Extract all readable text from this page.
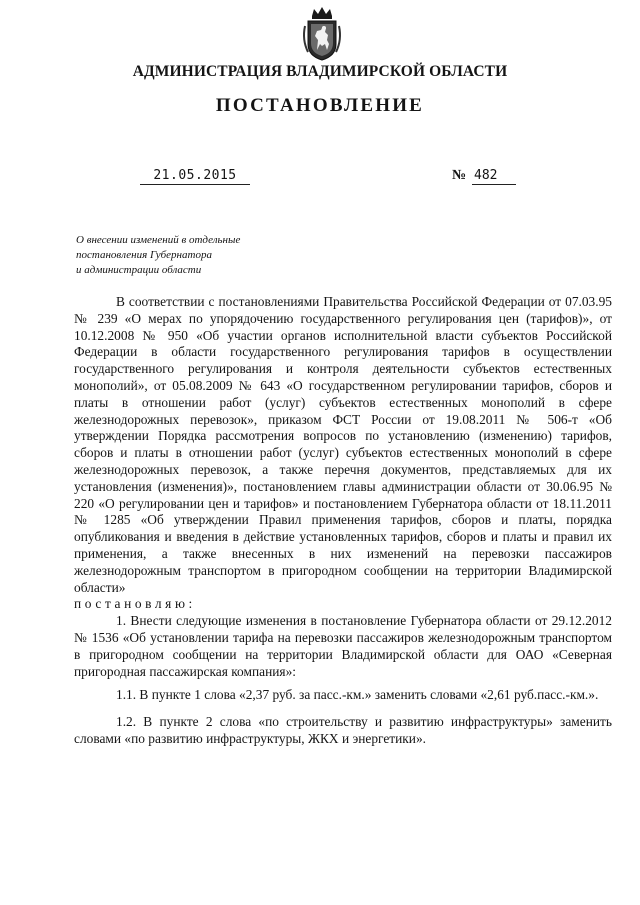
АДМИНИСТРАЦИЯ ВЛАДИМИРСКОЙ ОБЛАСТИ
ПОСТАНОВЛЕНИЕ
21.05.2015	№ 482
О внесении изменений в отдельные
постановления Губернатора
и администрации области

В соответствии с постановлениями Правительства Российской Федерации от 07.03.95 № 239 «О мерах по упорядочению государственного регулирования цен (тарифов)», от 10.12.2008 № 950 «Об участии органов исполнительной власти субъектов Российской Федерации в области государственного регулирования тарифов в осуществлении государственного регулирования и контроля деятельности субъектов естественных монополий», от 05.08.2009 № 643 «О государственном регулировании тарифов, сборов и платы в отношении работ (услуг) субъектов естественных монополий в сфере железнодорожных перевозок», приказом ФСТ России от 19.08.2011 № 506-т «Об утверждении Порядка рассмотрения вопросов по установлению (изменению) тарифов, сборов и платы в отношении работ (услуг) субъектов естественных монополий в сфере железнодорожных перевозок, а также перечня документов, представляемых для их установления (изменения)», постановлением главы администрации области от 30.06.95 № 220 «О регулировании цен и тарифов» и постановлением Губернатора области от 18.11.2011 № 1285 «Об утверждении Правил применения тарифов, сборов и платы, порядка опубликования и введения в действие установленных тарифов, сборов и платы и правил их применения, а также внесенных в них изменений на перевозки пассажиров железнодорожным транспортом в пригородном сообщении на территории Владимирской области»

постановляю:

1. Внести следующие изменения в постановление Губернатора области от 29.12.2012 № 1536 «Об установлении тарифа на перевозки пассажиров железнодорожным транспортом в пригородном сообщении на территории Владимирской области для ОАО «Северная пригородная пассажирская компания»:

1.1. В пункте 1 слова «2,37 руб. за пасс.-км.» заменить словами «2,61 руб.пасс.-км.».

1.2. В пункте 2 слова «по строительству и развитию инфраструктуры» заменить словами «по развитию инфраструктуры, ЖКХ и энергетики».
